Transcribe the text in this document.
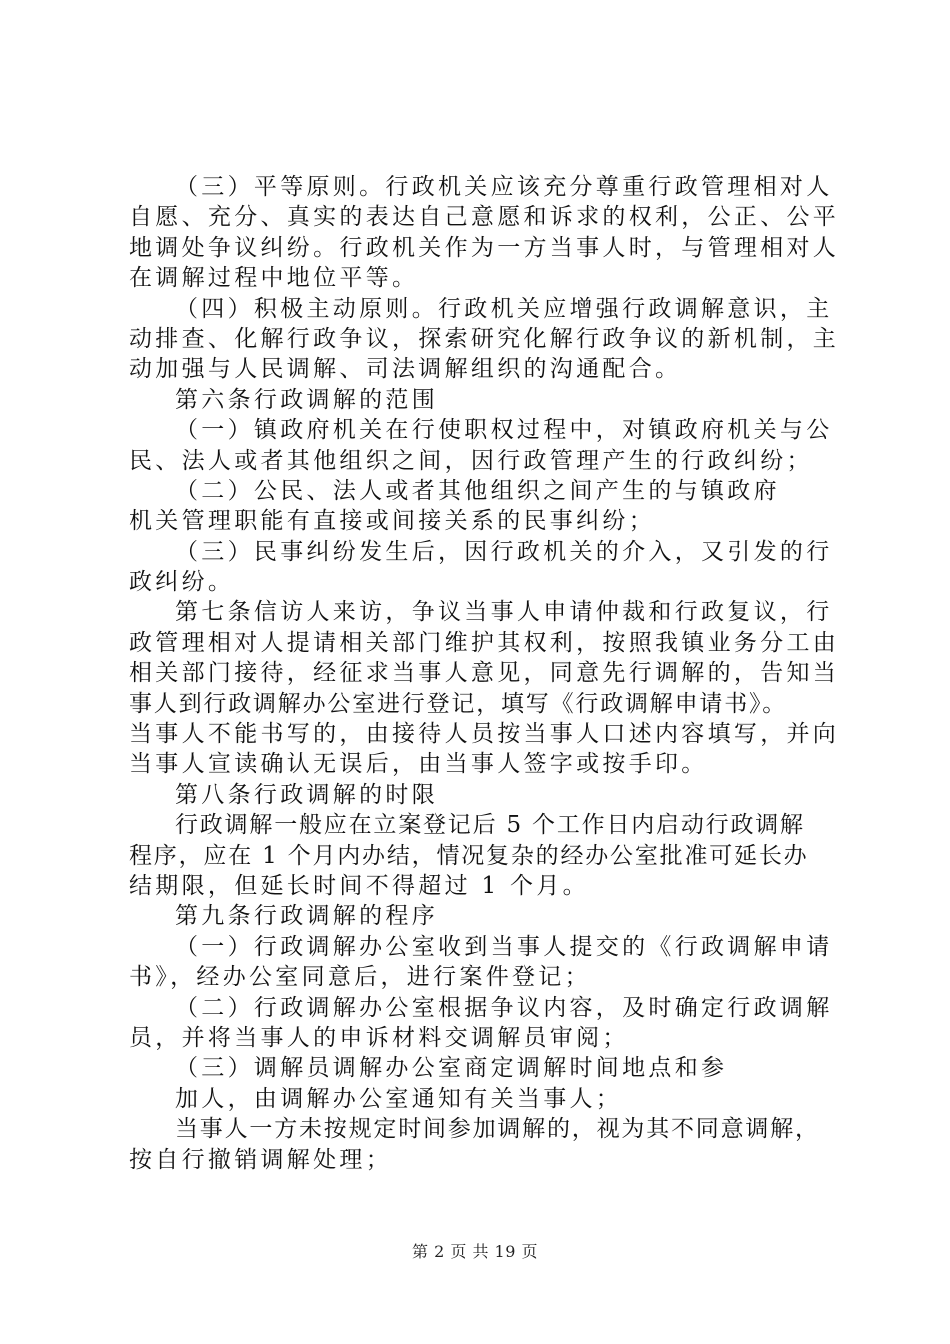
（三）平等原则。行政机关应该充分尊重行政管理相对人
自愿、充分、真实的表达自己意愿和诉求的权利，公正、公平
地调处争议纠纷。行政机关作为一方当事人时，与管理相对人
在调解过程中地位平等。
（四）积极主动原则。行政机关应增强行政调解意识，主
动排查、化解行政争议，探索研究化解行政争议的新机制，主
动加强与人民调解、司法调解组织的沟通配合。
第六条行政调解的范围
（一）镇政府机关在行使职权过程中，对镇政府机关与公
民、法人或者其他组织之间，因行政管理产生的行政纠纷；
（二）公民、法人或者其他组织之间产生的与镇政府
机关管理职能有直接或间接关系的民事纠纷；
（三）民事纠纷发生后，因行政机关的介入，又引发的行
政纠纷。
第七条信访人来访，争议当事人申请仲裁和行政复议，行
政管理相对人提请相关部门维护其权利，按照我镇业务分工由
相关部门接待，经征求当事人意见，同意先行调解的，告知当
事人到行政调解办公室进行登记，填写《行政调解申请书》。
当事人不能书写的，由接待人员按当事人口述内容填写，并向
当事人宣读确认无误后，由当事人签字或按手印。
第八条行政调解的时限
行政调解一般应在立案登记后 5 个工作日内启动行政调解
程序，应在 1 个月内办结，情况复杂的经办公室批准可延长办
结期限，但延长时间不得超过 1 个月。
第九条行政调解的程序
（一）行政调解办公室收到当事人提交的《行政调解申请
书》，经办公室同意后，进行案件登记；
（二）行政调解办公室根据争议内容，及时确定行政调解
员，并将当事人的申诉材料交调解员审阅；
（三）调解员调解办公室商定调解时间地点和参
加人，由调解办公室通知有关当事人；
当事人一方未按规定时间参加调解的，视为其不同意调解，
按自行撤销调解处理；
第 2 页 共 19 页
